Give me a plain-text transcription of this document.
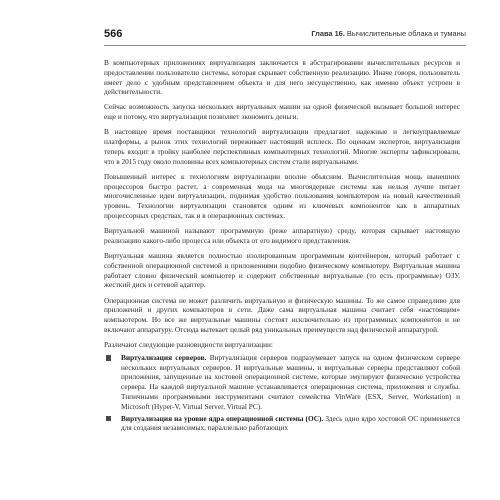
566	Глава 16. Вычислительные облака и туманы

В компьютерных приложениях виртуализация заключается в абстрагировании вычислительных ресурсов и предоставлении пользователю системы, которая скрывает собственную реализацию. Иначе говоря, пользователь имеет дело с удобным представлением объекта и для него несущественно, как именно объект устроен в действительности.

Сейчас возможность запуска нескольких виртуальных машин на одной физической вызывает большой интерес еще и потому, что виртуализация позволяет экономить деньги.

В настоящее время поставщики технологий виртуализации предлагают надежные и легкоуправляемые платформы, а рынок этих технологий переживает настоящий всплеск. По оценкам экспертов, виртуализация теперь входит в тройку наиболее перспективных компьютерных технологий. Многие эксперты зафиксировали, что в 2015 году около половины всех компьютерных систем стали виртуальными.

Повышенный интерес к технологиям виртуализации вполне объясним. Вычислительная мощь нынешних процессоров быстро растет, а современная мода на многоядерные системы как нельзя лучше питает многочисленные идеи виртуализации, поднимая удобство пользования компьютером на новый качественный уровень. Технологии виртуализации становятся одним из ключевых компонентов как в аппаратных процессорных средствах, так и в операционных системах.

Виртуальной машиной называют программную (реже аппаратную) среду, которая скрывает настоящую реализацию какого-либо процесса или объекта от его видимого представления.

Виртуальная машина является полностью изолированным программным контейнером, который работает с собственной операционной системой и приложениями подобно физическому компьютеру. Виртуальная машина работает словно физический компьютер и содержит собственные виртуальные (то есть программные) ОЗУ, жесткий диск и сетевой адаптер.

Операционная система не может различить виртуальную и физическую машины. То же самое справедливо для приложений и других компьютеров в сети. Даже сама виртуальная машина считает себя «настоящим» компьютером. Но все же виртуальные машины состоят исключительно из программных компонентов и не включают аппаратуру. Отсюда вытекает целый ряд уникальных преимуществ над физической аппаратурой.

Различают следующие разновидности виртуализации:

Виртуализация серверов. Виртуализация серверов подразумевает запуск на одном физическом сервере нескольких виртуальных серверов. И виртуальные машины, и виртуальные серверы представляют собой приложения, запущенные на хостовой операционной системе, которые эмулируют физические устройства сервера. На каждой виртуальной машине устанавливается операционная система, приложения и службы. Типичными программными инструментами считают семейства VinWare (ESX, Server, Workstation) и Microsoft (Hyper-V, Virtual Server, Virtual PC).
Виртуализация на уровне ядра операционной системы (ОС). Здесь одно ядро хостовой ОС применяется для создания независимых, параллельно работающих
